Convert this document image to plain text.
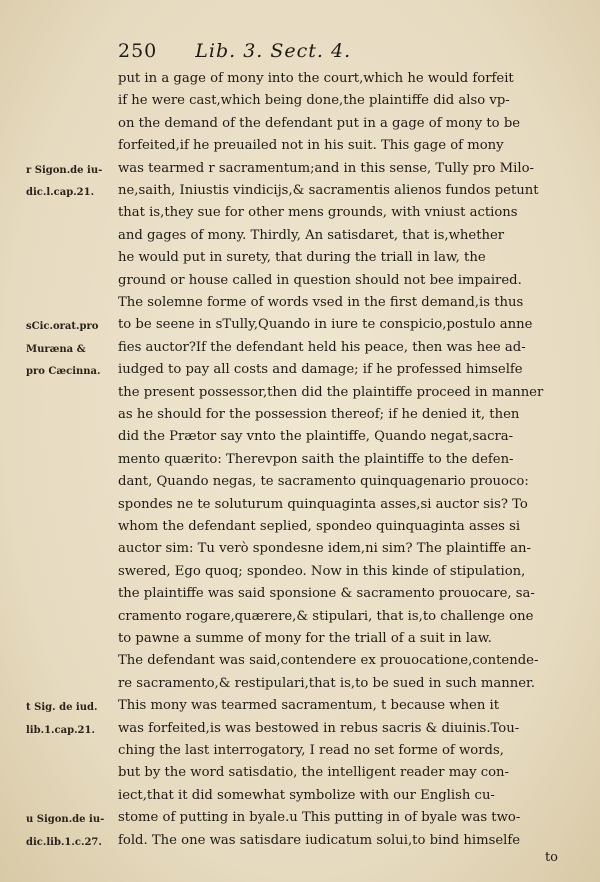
250 Lib. 3. Sect. 4.
put in a gage of mony into the court,which he would forfeit
if he were cast,which being done,the plaintiffe did also vp-
on the demand of the defendant put in a gage of mony to be
forfeited,if he preuailed not in his suit. This gage of mony
was tearmed r sacramentum;and in this sense, Tully pro Milo-
ne,saith, Iniustis vindicijs,& sacramentis alienos fundos petunt
that is,they sue for other mens grounds, with vniust actions
and gages of mony. Thirdly, An satisdaret, that is,whether
he would put in surety, that during the triall in law, the
ground or house called in question should not bee impaired.
The solemne forme of words vsed in the first demand,is thus
to be seene in sTully,Quando in iure te conspicio,postulo anne
fies auctor?If the defendant held his peace, then was hee ad-
iudged to pay all costs and damage; if he professed himselfe
the present possessor,then did the plaintiffe proceed in manner
as he should for the possession thereof; if he denied it, then
did the Prætor say vnto the plaintiffe, Quando negat,sacra-
mento quærito: Therevpon saith the plaintiffe to the defen-
dant, Quando negas, te sacramento quinquagenario prouoco:
spondes ne te soluturum quinquaginta asses,si auctor sis? To
whom the defendant seplied, spondeo quinquaginta asses si
auctor sim: Tu verò spondesne idem,ni sim? The plaintiffe an-
swered, Ego quoq; spondeo. Now in this kinde of stipulation,
the plaintiffe was said sponsione & sacramento prouocare, sa-
cramento rogare,quærere,& stipulari, that is,to challenge one
to pawne a summe of mony for the triall of a suit in law.
The defendant was said,contendere ex prouocatione,contende-
re sacramento,& restipulari,that is,to be sued in such manner.
This mony was tearmed sacramentum, t because when it
was forfeited,is was bestowed in rebus sacris & diuinis.Tou-
ching the last interrogatory, I read no set forme of words,
but by the word satisdatio, the intelligent reader may con-
iect,that it did somewhat symbolize with our English cu-
stome of putting in byale.u This putting in of byale was two-
fold. The one was satisdare iudicatum solui,to bind himselfe
r Sigon.de iu-
dic.l.cap.21.
sCic.orat.pro
Muræna &
pro Cæcinna.
t Sig. de iud.
lib.1.cap.21.
u Sigon.de iu-
dic.lib.1.c.27.
to
